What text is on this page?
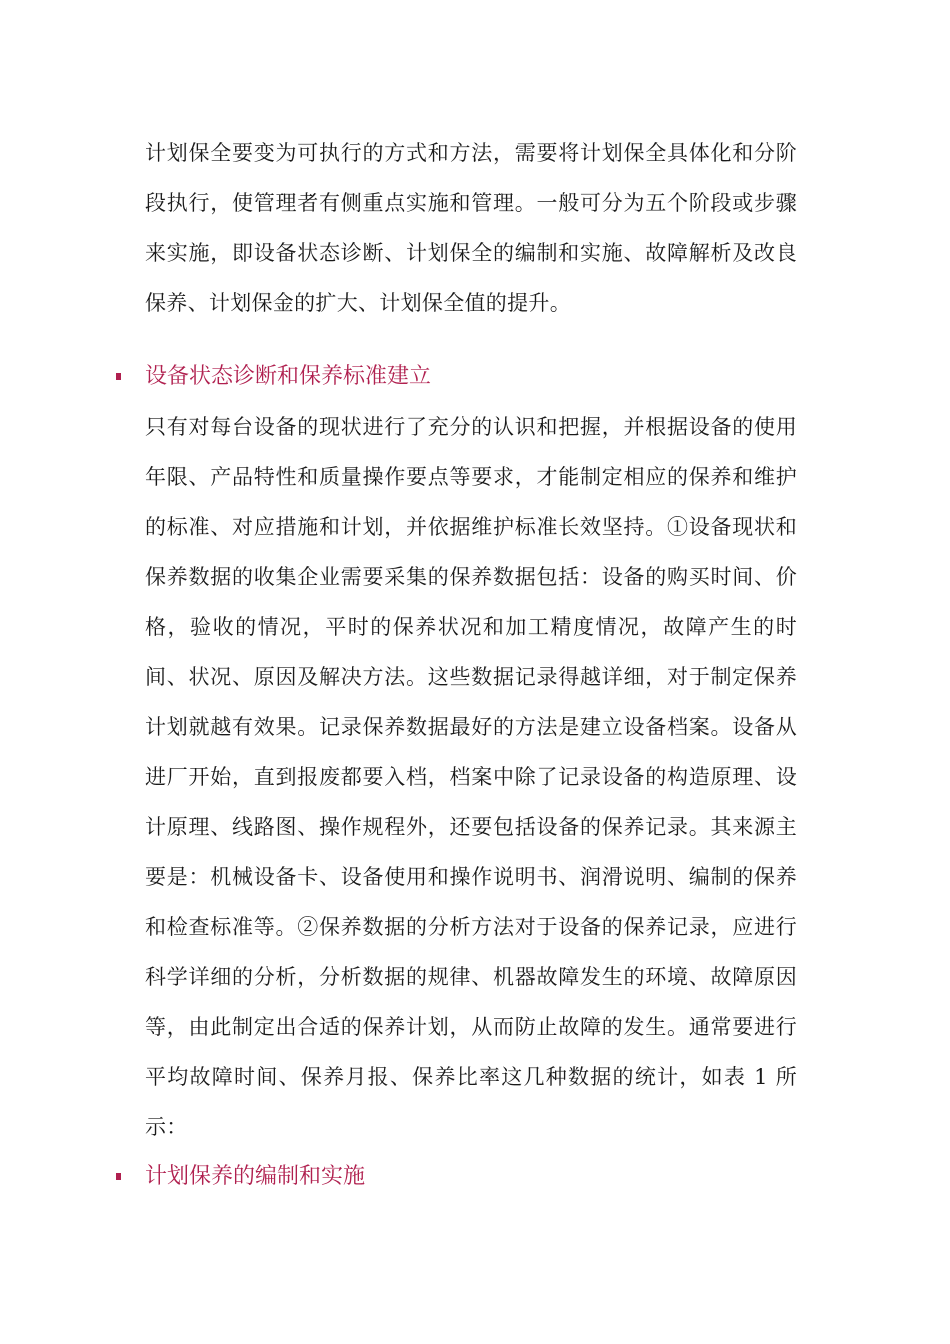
计划保全要变为可执行的方式和方法，需要将计划保全具体化和分阶段执行，使管理者有侧重点实施和管理。一般可分为五个阶段或步骤来实施，即设备状态诊断、计划保全的编制和实施、故障解析及改良保养、计划保金的扩大、计划保全值的提升。

设备状态诊断和保养标准建立

只有对每台设备的现状进行了充分的认识和把握，并根据设备的使用年限、产品特性和质量操作要点等要求，才能制定相应的保养和维护的标准、对应措施和计划，并依据维护标准长效坚持。①设备现状和保养数据的收集企业需要采集的保养数据包括：设备的购买时间、价格，验收的情况，平时的保养状况和加工精度情况，故障产生的时间、状况、原因及解决方法。这些数据记录得越详细，对于制定保养计划就越有效果。记录保养数据最好的方法是建立设备档案。设备从进厂开始，直到报废都要入档，档案中除了记录设备的构造原理、设计原理、线路图、操作规程外，还要包括设备的保养记录。其来源主要是：机械设备卡、设备使用和操作说明书、润滑说明、编制的保养和检查标准等。②保养数据的分析方法对于设备的保养记录，应进行科学详细的分析，分析数据的规律、机器故障发生的环境、故障原因等，由此制定出合适的保养计划，从而防止故障的发生。通常要进行平均故障时间、保养月报、保养比率这几种数据的统计，如表 1 所示：

计划保养的编制和实施
